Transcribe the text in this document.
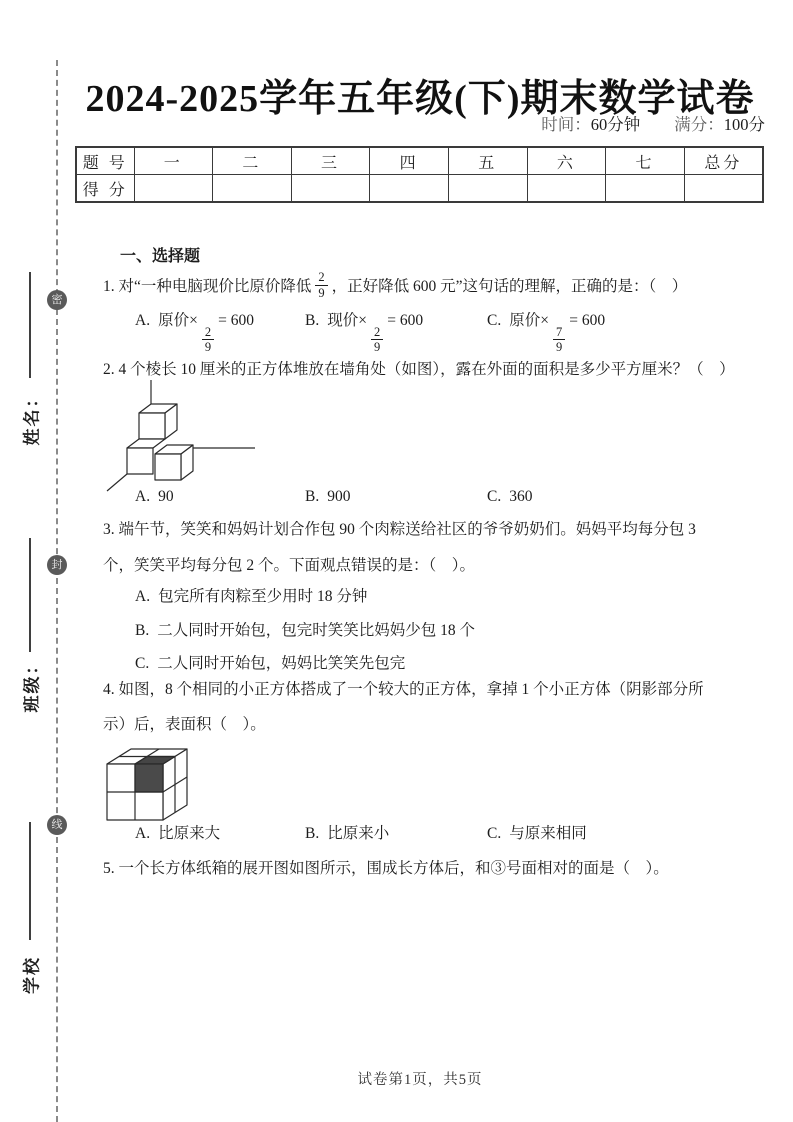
密
封
线
姓名：
班级：
学校
2024-2025学年五年级(下)期末数学试卷
时间：60分钟 满分：100分
题 号	一	二	三	四	五	六	七	总分
得 分								
一、选择题
1. 对“一种电脑现价比原价降低 $\frac{2}{9}$ ，正好降低 600 元”这句话的理解，正确的是：（　）
A. 原价×
$\frac{2}{9}$
= 600	B. 现价×
$\frac{2}{9}$
= 600	C. 原价×
$\frac{7}{9}$
= 600
2. 4 个棱长 10 厘米的正方体堆放在墙角处（如图），露在外面的面积是多少平方厘米？（　）
A. 90	B. 900	C. 360
3. 端午节，笑笑和妈妈计划合作包 90 个肉粽送给社区的爷爷奶奶们。妈妈平均每分包 3
个，笑笑平均每分包 2 个。下面观点错误的是：（　）。
A. 包完所有肉粽至少用时 18 分钟
B. 二人同时开始包，包完时笑笑比妈妈少包 18 个
C. 二人同时开始包，妈妈比笑笑先包完
4. 如图，8 个相同的小正方体搭成了一个较大的正方体，拿掉 1 个小正方体（阴影部分所
示）后，表面积（　）。
A. 比原来大	B. 比原来小	C. 与原来相同
5. 一个长方体纸箱的展开图如图所示，围成长方体后，和③号面相对的面是（　）。
试卷第1页，共5页
